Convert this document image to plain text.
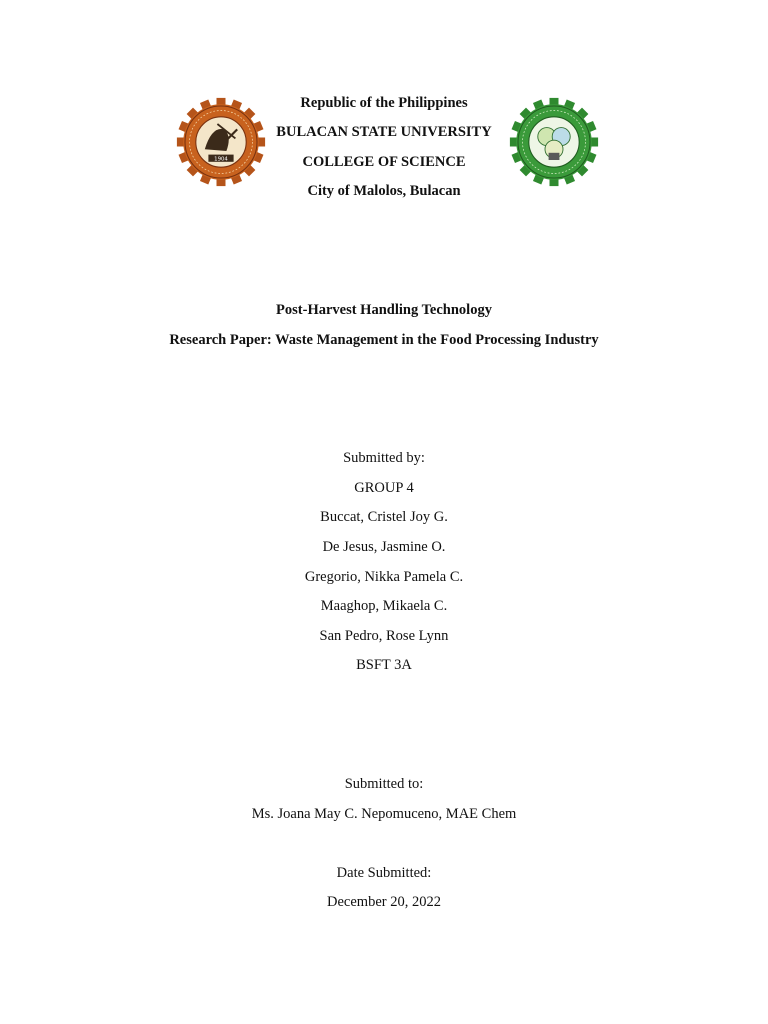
1904
Republic of the Philippines
BULACAN STATE UNIVERSITY
COLLEGE OF SCIENCE
City of Malolos, Bulacan
Post-Harvest Handling Technology
Research Paper: Waste Management in the Food Processing Industry
Submitted by:
GROUP 4
Buccat, Cristel Joy G.
De Jesus, Jasmine O.
Gregorio, Nikka Pamela C.
Maaghop, Mikaela C.
San Pedro, Rose Lynn
BSFT 3A
Submitted to:
Ms. Joana May C. Nepomuceno, MAE Chem
Date Submitted:
December 20, 2022
